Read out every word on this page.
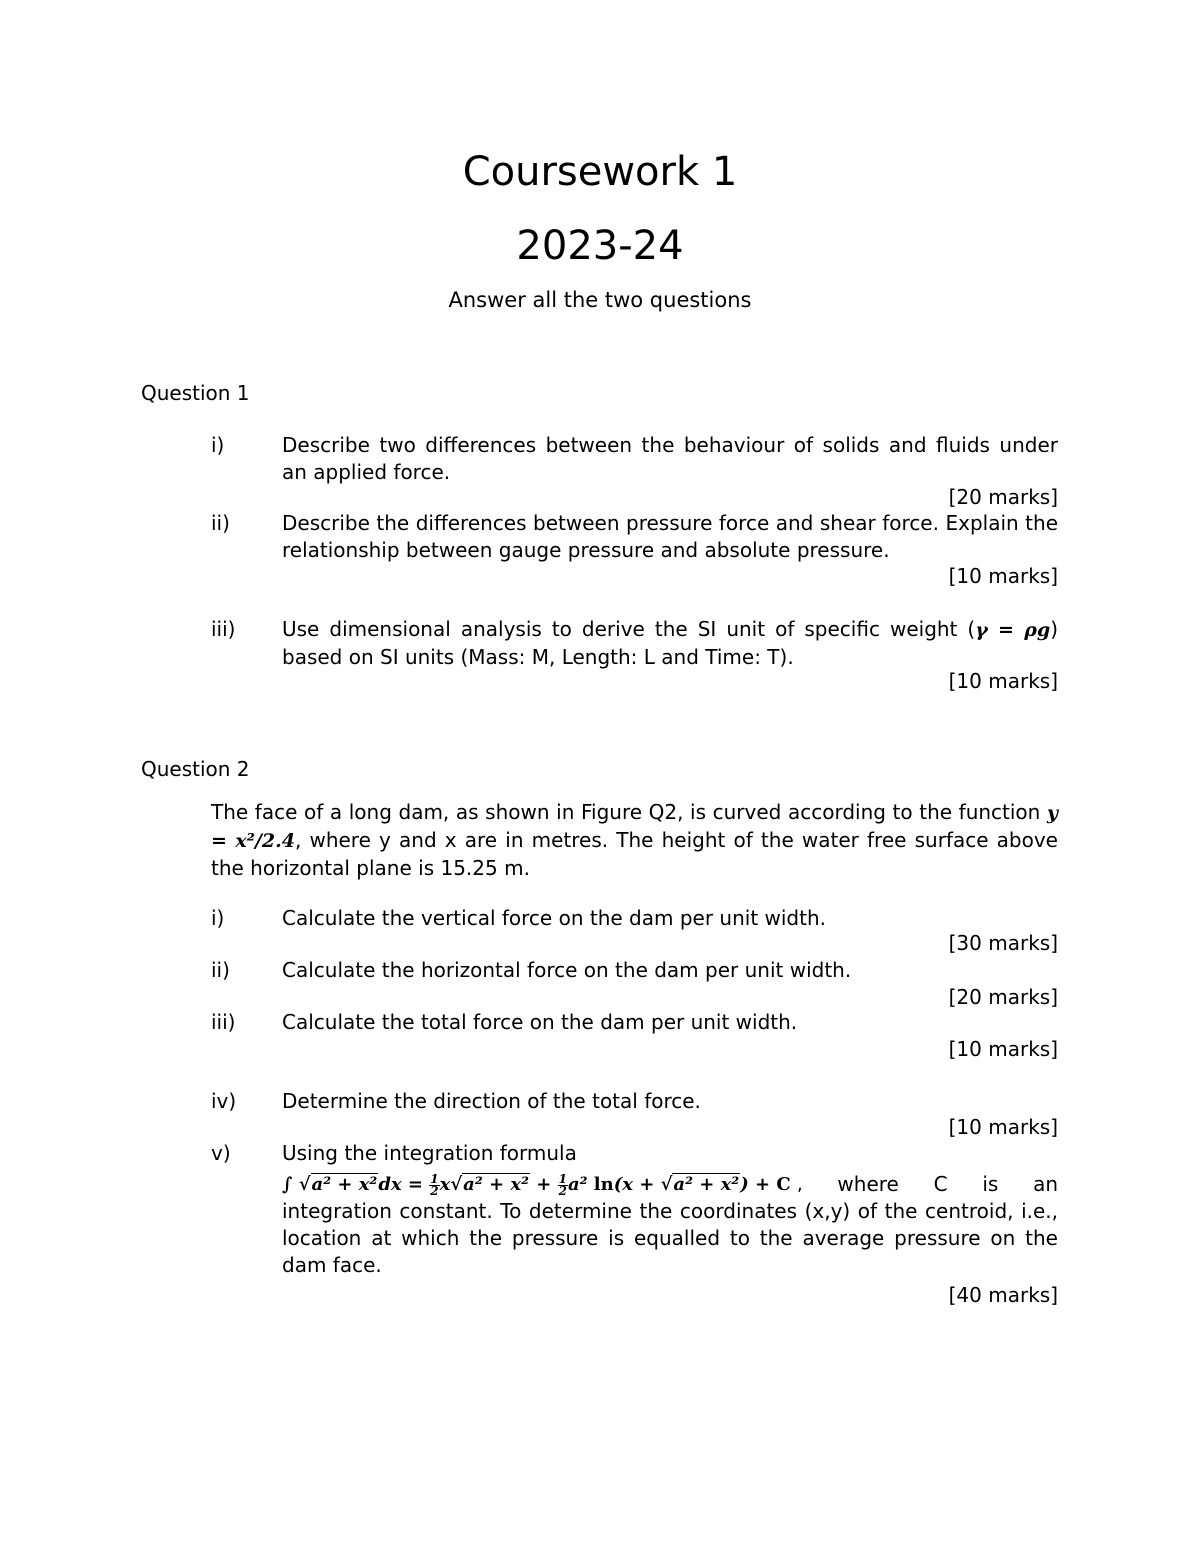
Coursework 1
2023-24
Answer all the two questions
Question 1
i)	Describe two differences between the behaviour of solids and fluids under an applied force.
[20 marks]
ii)	Describe the differences between pressure force and shear force. Explain the relationship between gauge pressure and absolute pressure.
[10 marks]
iii) Use dimensional analysis to derive the SI unit of specific weight (γ = ρg) based on SI units (Mass: M, Length: L and Time: T).
[10 marks]
Question 2
The face of a long dam, as shown in Figure Q2, is curved according to the function y = x²/2.4, where y and x are in metres. The height of the water free surface above the horizontal plane is 15.25 m.
i)	Calculate the vertical force on the dam per unit width.
[30 marks]
ii)	Calculate the horizontal force on the dam per unit width.
[20 marks]
iii) Calculate the total force on the dam per unit width.
[10 marks]
iv) Determine the direction of the total force.
[10 marks]
v)	Using the integration formula
∫ $√a^2 + x^2dx = \frac{1}{2} x√a^2 + x^2 + \frac{1}{2} a^2$ ln(x + √a² + x²) + C , where C is an
integration constant. To determine the coordinates (x,y) of the centroid, i.e., location at which the pressure is equalled to the average pressure on the dam face.
[40 marks]
